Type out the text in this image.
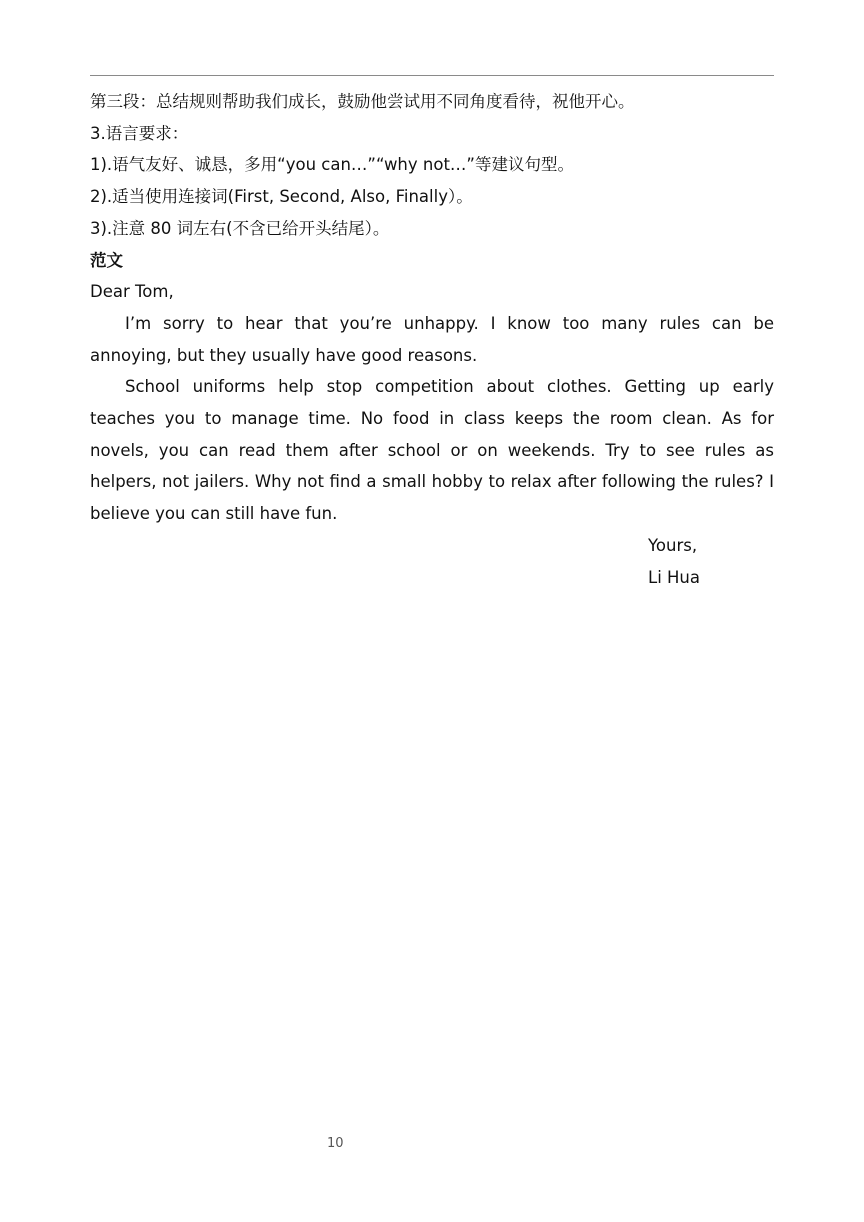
第三段：总结规则帮助我们成长，鼓励他尝试用不同角度看待，祝他开心。
3.语言要求：
1).语气友好、诚恳，多用“you can…”“why not…”等建议句型。
2).适当使用连接词(First, Second, Also, Finally）。
3).注意 80 词左右(不含已给开头结尾）。
范文
Dear Tom,

I’m sorry to hear that you’re unhappy. I know too many rules can be annoying, but they usually have good reasons.

School uniforms help stop competition about clothes. Getting up early teaches you to manage time. No food in class keeps the room clean. As for novels, you can read them after school or on weekends. Try to see rules as helpers, not jailers. Why not find a small hobby to relax after following the rules? I believe you can still have fun.

Yours,
Li Hua
10
